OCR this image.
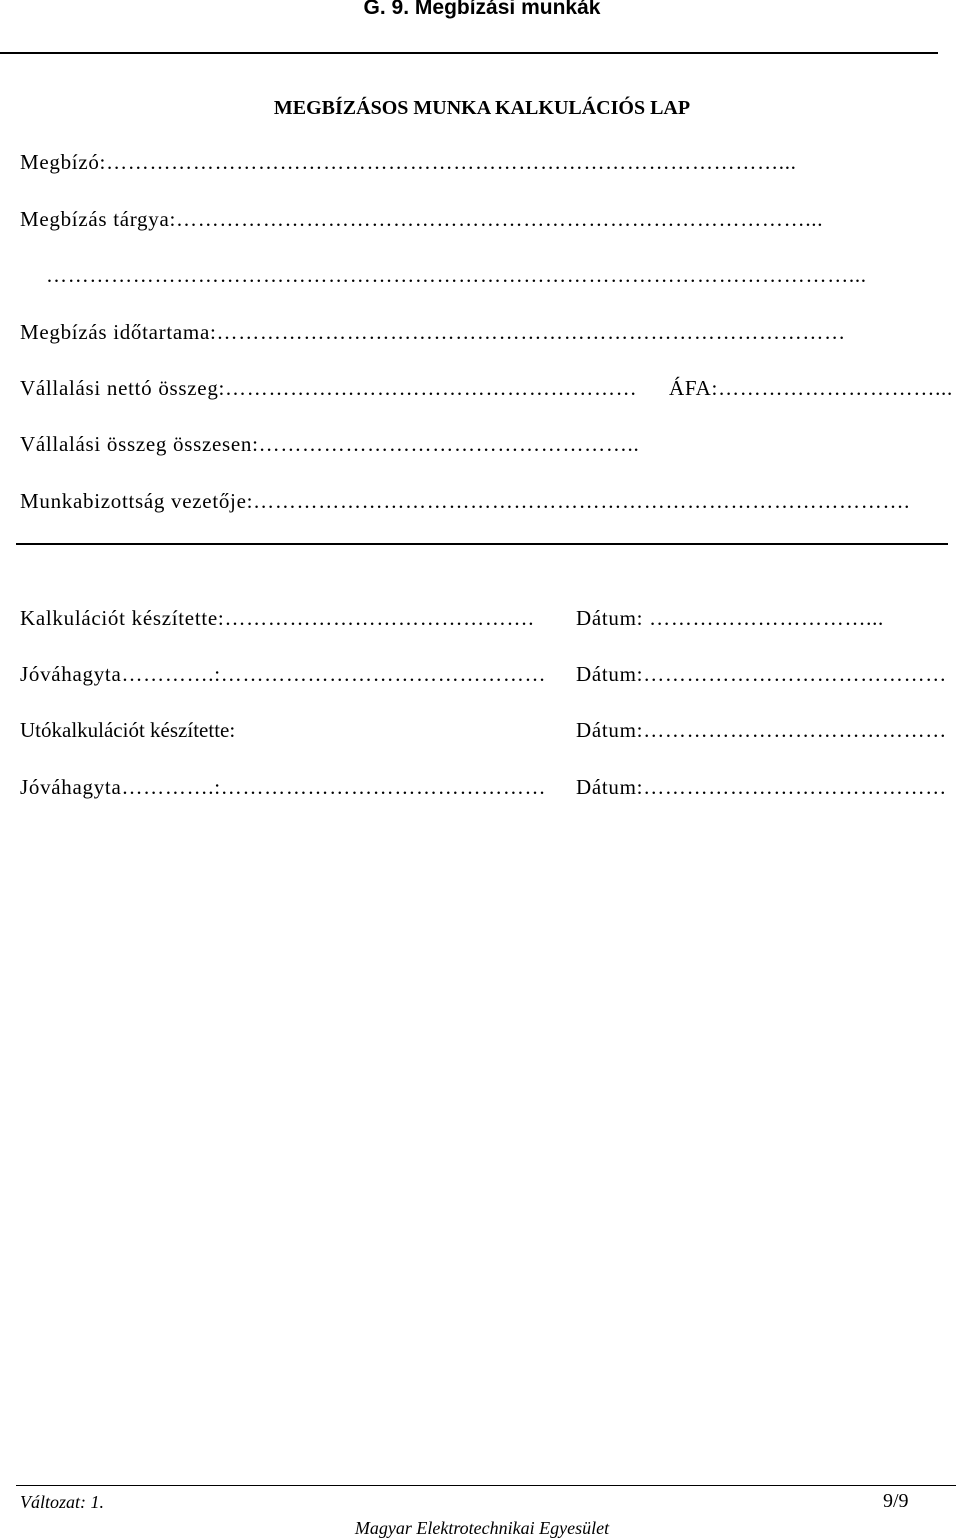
G. 9. Megbízási munkák
MEGBÍZÁSOS MUNKA KALKULÁCIÓS LAP
Megbízó:…………………………………………………………………………………...
Megbízás tárgya:……………………………………………………………………………...
…………………………………………………………………………………………………...
Megbízás időtartama:……………………………………………………………………………
Vállalási nettó összeg:………………………………………………… ÁFA:…………………………...
Vállalási összeg összesen:……………………………………………..
Munkabizottság vezetője:……………………………………………………………………………….
Kalkulációt készítette:……………………………………. Dátum: …………………………...
Jóváhagyta………….:……………………………………… Dátum:……………………………………
Utókalkulációt készítette:	Dátum:……………………………………
Jóváhagyta………….:……………………………………… Dátum:……………………………………
Változat: 1.	9/9
Magyar Elektrotechnikai Egyesület
